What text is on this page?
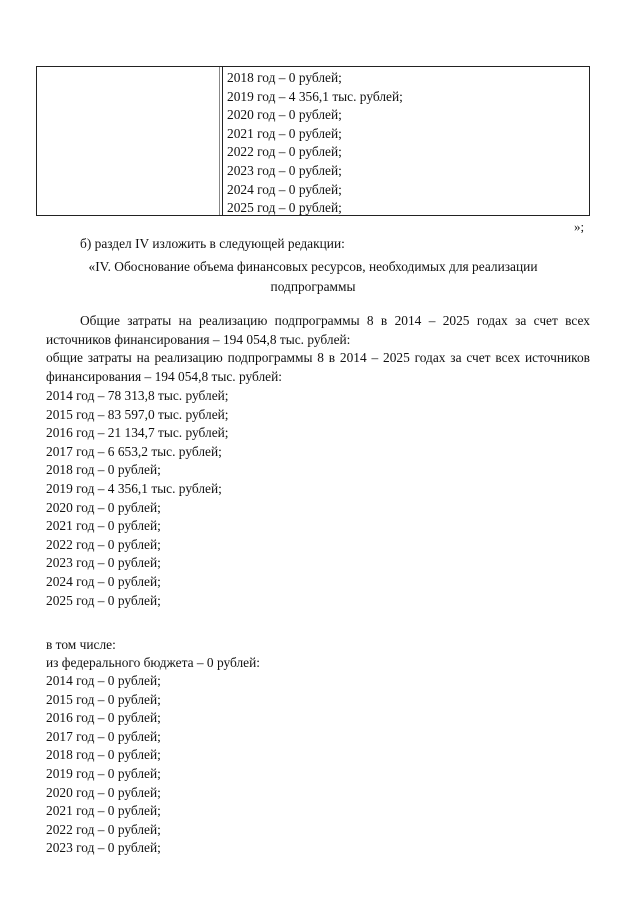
2018 год – 0 рублей;
2019 год – 4 356,1 тыс. рублей;
2020 год – 0 рублей;
2021 год – 0 рублей;
2022 год – 0 рублей;
2023 год – 0 рублей;
2024 год – 0 рублей;
2025 год – 0 рублей;
»;
б) раздел IV изложить в следующей редакции:
«IV. Обоснование объема финансовых ресурсов, необходимых для реализации
подпрограммы
Общие затраты на реализацию подпрограммы 8 в 2014 – 2025 годах за счет всех источников финансирования – 194 054,8 тыс. рублей:
общие затраты на реализацию подпрограммы 8 в 2014 – 2025 годах за счет всех источников финансирования – 194 054,8 тыс. рублей:
2014 год – 78 313,8 тыс. рублей;
2015 год – 83 597,0 тыс. рублей;
2016 год – 21 134,7 тыс. рублей;
2017 год – 6 653,2 тыс. рублей;
2018 год – 0 рублей;
2019 год – 4 356,1 тыс. рублей;
2020 год – 0 рублей;
2021 год – 0 рублей;
2022 год – 0 рублей;
2023 год – 0 рублей;
2024 год – 0 рублей;
2025 год – 0 рублей;
в том числе:
из федерального бюджета – 0 рублей:
2014 год – 0 рублей;
2015 год – 0 рублей;
2016 год – 0 рублей;
2017 год – 0 рублей;
2018 год – 0 рублей;
2019 год – 0 рублей;
2020 год – 0 рублей;
2021 год – 0 рублей;
2022 год – 0 рублей;
2023 год – 0 рублей;
